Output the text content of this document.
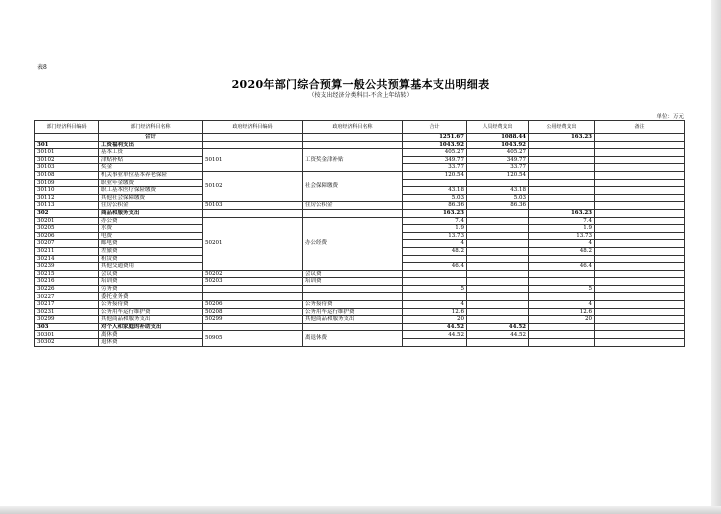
表8
2020年部门综合预算一般公共预算基本支出明细表
（按支出经济分类科目-不含上年结转）
单位：万元
部门经济科目编码	部门经济科目名称	政府经济科目编码	政府经济科目名称	合计	人员经费支出	公用经费支出	备注
	合计			1251.67	1088.44	163.23	
301	工资福利支出			1043.92	1043.92		
30101	基本工资	50101	工资奖金津补贴	405.27	405.27		
30102	津贴补贴			349.77	349.77		
30103	奖金			33.77	33.77		
30108	机关事业单位基本养老保险	50102	社会保障缴费	120.54	120.54		
30109	职业年金缴费						
30110	职工基本医疗保险缴费			43.18	43.18		
30112	其他社会保障缴费			5.03	5.03		
30113	住房公积金	50103	住房公积金	86.36	86.36		
302	商品和服务支出			163.23		163.23	
30201	办公费	50201	办公经费	7.4		7.4	
30205	水费			1.9		1.9	
30206	电费			13.73		13.73	
30207	邮电费			4		4	
30211	差旅费			48.2		48.2	
30214	租赁费						
30239	其他交通费用			46.4		46.4	
30215	会议费	50202	会议费				
30216	培训费	50203	培训费				
30226	劳务费			5		5	
30227	委托业务费						
30217	公务接待费	50206	公务接待费	4		4	
30231	公务用车运行维护费	50208	公务用车运行维护费	12.6		12.6	
30299	其他商品和服务支出	50299	其他商品和服务支出	20		20	
303	对个人和家庭的补助支出			44.52	44.52		
30301	离休费	50905	离退休费	44.52	44.52		
30302	退休费						
